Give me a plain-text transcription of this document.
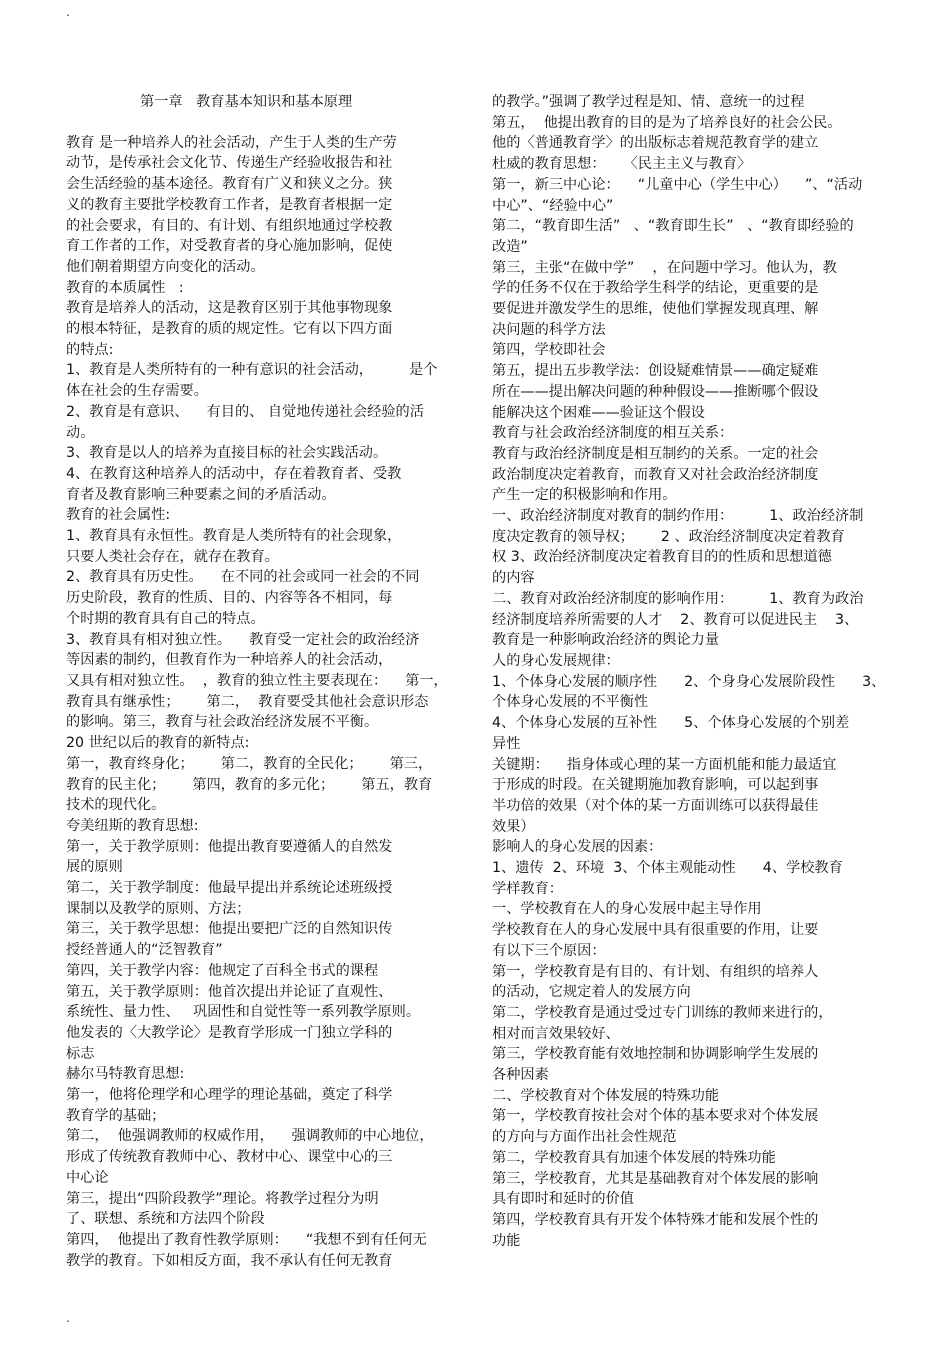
.
.

第一章   教育基本知识和基本原理

教育 是一种培养人的社会活动，产生于人类的生产劳

动节，是传承社会文化节、传递生产经验收报告和社

会生活经验的基本途径。教育有广义和狭义之分。狭

义的教育主要批学校教育工作者，是教育者根据一定

的社会要求，有目的、有计划、有组织地通过学校教

育工作者的工作，对受教育者的身心施加影响，促使

他们朝着期望方向变化的活动。

教育的本质属性   :

教育是培养人的活动，这是教育区别于其他事物现象

的根本特征，是教育的质的规定性。它有以下四方面

的特点:

1、教育是人类所特有的一种有意识的社会活动，        是个

体在社会的生存需要。

2、教育是有意识、    有目的、 自觉地传递社会经验的活

动。

3、教育是以人的培养为直接目标的社会实践活动。

4、在教育这种培养人的活动中，存在着教育者、受教

育者及教育影响三种要素之间的矛盾活动。

教育的社会属性:

1、教育具有永恒性。教育是人类所特有的社会现象，

只要人类社会存在，就存在教育。

2、教育具有历史性。    在不同的社会或同一社会的不同

历史阶段，教育的性质、目的、内容等各不相同，每

个时期的教育具有自己的特点。

3、教育具有相对独立性。    教育受一定社会的政治经济

等因素的制约，但教育作为一种培养人的社会活动，

又具有相对独立性。  ，教育的独立性主要表现在：    第一，

教育具有继承性；      第二，  教育要受其他社会意识形态

的影响。第三，教育与社会政治经济发展不平衡。

20 世纪以后的教育的新特点:

第一，教育终身化；      第二，教育的全民化；      第三，

教育的民主化；      第四，教育的多元化；      第五，教育

技术的现代化。

夸美纽斯的教育思想:

第一，关于教学原则：他提出教育要遵循人的自然发

展的原则

第二，关于教学制度：他最早提出并系统论述班级授

课制以及教学的原则、方法；

第三，关于教学思想：他提出要把广泛的自然知识传

授经普通人的“泛智教育”

第四，关于教学内容：他规定了百科全书式的课程

第五，关于教学原则：他首次提出并论证了直观性、

系统性、量力性、   巩固性和自觉性等一系列教学原则。

他发表的〈大教学论〉是教育学形成一门独立学科的

标志

赫尔马特教育思想:

第一，他将伦理学和心理学的理论基础，奠定了科学

教育学的基础；

第二，  他强调教师的权威作用，    强调教师的中心地位，

形成了传统教育教师中心、教材中心、课堂中心的三

中心论

第三，提出“四阶段教学”理论。将教学过程分为明

了、联想、系统和方法四个阶段

第四，  他提出了教育性教学原则：    “我想不到有任何无

教学的教育。下如相反方面，我不承认有任何无教育

的教学。”强调了教学过程是知、情、意统一的过程

第五，  他提出教育的目的是为了培养良好的社会公民。

他的〈普通教育学〉的出版标志着规范教育学的建立

杜威的教育思想：    〈民主主义与教育〉

第一，新三中心论：    “儿童中心（学生中心）    ”、“活动

中心”、“经验中心”

第二，“教育即生活”   、“教育即生长”   、“教育即经验的

改造”

第三，主张“在做中学”    ，在问题中学习。他认为，教

学的任务不仅在于教给学生科学的结论，更重要的是

要促进并激发学生的思维，使他们掌握发现真理、解

决问题的科学方法

第四，学校即社会

第五，提出五步教学法：创设疑难情景——确定疑难

所在——提出解决问题的种种假设——推断哪个假设

能解决这个困难——验证这个假设

教育与社会政治经济制度的相互关系：

教育与政治经济制度是相互制约的关系。一定的社会

政治制度决定着教育，而教育又对社会政治经济制度

产生一定的积极影响和作用。

一、政治经济制度对教育的制约作用：        1、政治经济制

度决定教育的领导权；      2 、政治经济制度决定着教育

权 3、政治经济制度决定着教育目的的性质和思想道德

的内容

二、教育对政治经济制度的影响作用：        1、教育为政治

经济制度培养所需要的人才    2、教育可以促进民主    3、

教育是一种影响政治经济的舆论力量

人的身心发展规律：

1、个体身心发展的顺序性      2、个身身心发展阶段性      3、

个体身心发展的不平衡性

4、个体身心发展的互补性      5、个体身心发展的个别差

异性

关键期：    指身体或心理的某一方面机能和能力最适宜

于形成的时段。在关键期施加教育影响，可以起到事

半功倍的效果（对个体的某一方面训练可以获得最佳

效果）

影响人的身心发展的因素：

1、遗传  2、环境  3、个体主观能动性      4、学校教育

学样教育：

一、学校教育在人的身心发展中起主导作用

学校教育在人的身心发展中具有很重要的作用，让要

有以下三个原因：

第一，学校教育是有目的、有计划、有组织的培养人

的活动，它规定着人的发展方向

第二，学校教育是通过受过专门训练的教师来进行的，

相对而言效果较好、

第三，学校教育能有效地控制和协调影响学生发展的

各种因素

二、学校教育对个体发展的特殊功能

第一，学校教育按社会对个体的基本要求对个体发展

的方向与方面作出社会性规范

第二，学校教育具有加速个体发展的特殊功能

第三，学校教育，尤其是基础教育对个体发展的影响

具有即时和延时的价值

第四，学校教育具有开发个体特殊才能和发展个性的

功能
